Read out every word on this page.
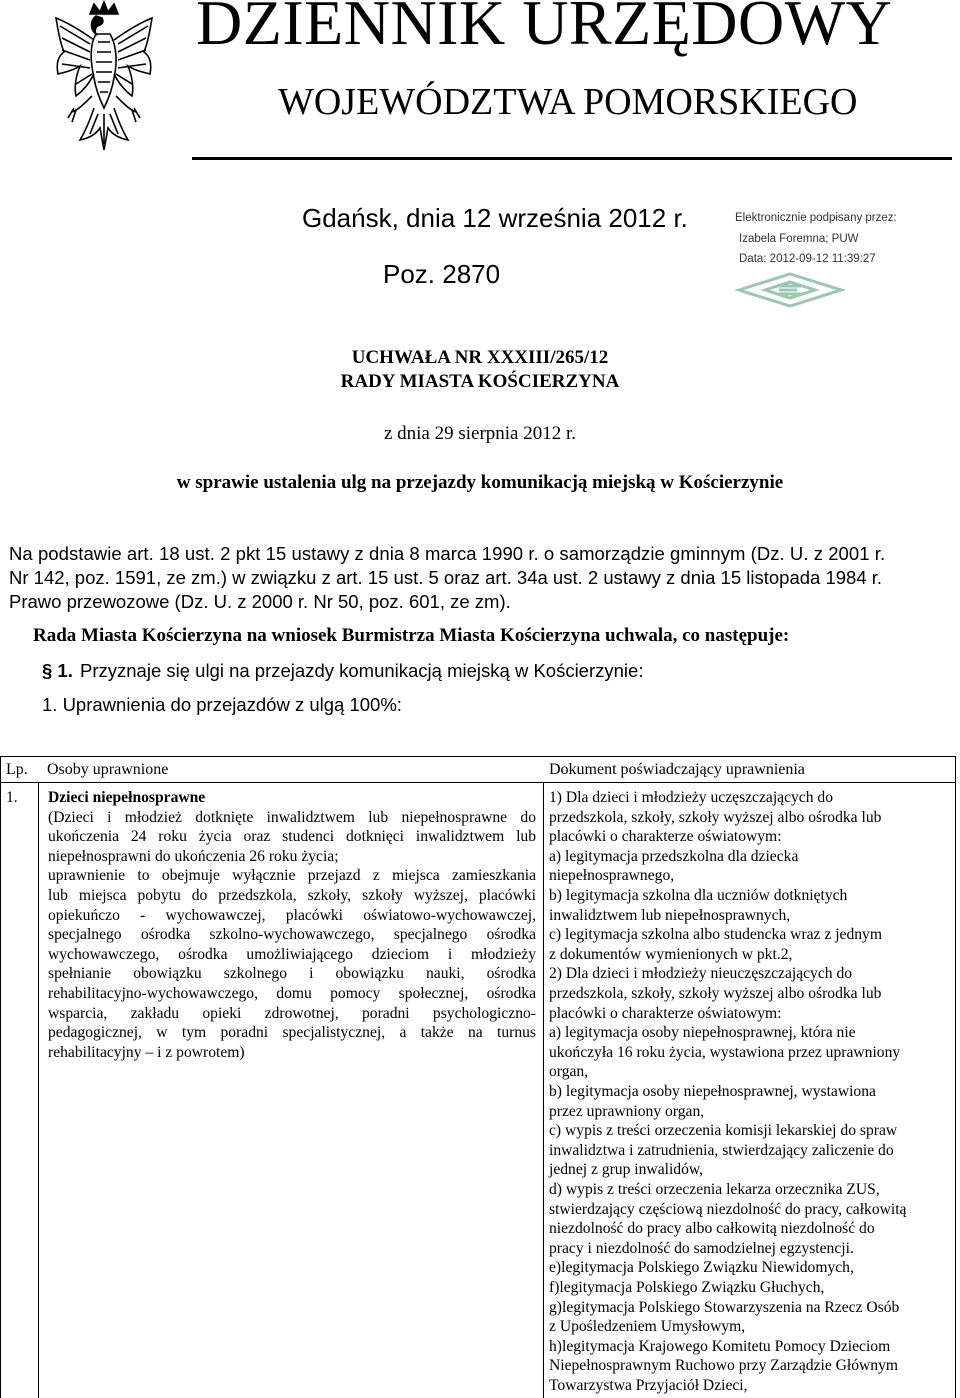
DZIENNIK URZĘDOWY
WOJEWÓDZTWA POMORSKIEGO
Gdańsk, dnia 12 września 2012 r.
Poz. 2870
Elektronicznie podpisany przez:
Izabela Foremna; PUW
Data: 2012-09-12 11:39:27
UCHWAŁA NR XXXIII/265/12
RADY MIASTA KOŚCIERZYNA
z dnia 29 sierpnia 2012 r.
w sprawie ustalenia ulg na przejazdy komunikacją miejską w Kościerzynie
Na podstawie art. 18 ust. 2 pkt 15 ustawy z dnia 8 marca 1990 r. o samorządzie gminnym (Dz. U. z 2001 r.
Nr 142, poz. 1591, ze zm.) w związku z art. 15 ust. 5 oraz art. 34a ust. 2 ustawy z dnia 15 listopada 1984 r.
Prawo przewozowe (Dz. U. z 2000 r. Nr 50, poz. 601, ze zm).
Rada Miasta Kościerzyna na wniosek Burmistrza Miasta Kościerzyna uchwala, co następuje:
§ 1. Przyznaje się ulgi na przejazdy komunikacją miejską w Kościerzynie:
1. Uprawnienia do przejazdów z ulgą 100%:
Lp. Osoby uprawnione	Dokument poświadczający uprawnienia
1. Dzieci niepełnosprawne
(Dzieci i młodzież dotknięte inwalidztwem lub niepełnosprawne do
ukończenia 24 roku życia oraz studenci dotknięci inwalidztwem lub
niepełnosprawni do ukończenia 26 roku życia;
uprawnienie to obejmuje wyłącznie przejazd z miejsca zamieszkania
lub miejsca pobytu do przedszkola, szkoły, szkoły wyższej, placówki
opiekuńczo - wychowawczej, placówki oświatowo-wychowawczej,
specjalnego ośrodka szkolno-wychowawczego, specjalnego ośrodka
wychowawczego, ośrodka umożliwiającego dzieciom i młodzieży
spełnianie obowiązku szkolnego i obowiązku nauki, ośrodka
rehabilitacyjno-wychowawczego, domu pomocy społecznej, ośrodka
wsparcia, zakładu opieki zdrowotnej, poradni psychologiczno-
pedagogicznej, w tym poradni specjalistycznej, a także na turnus
rehabilitacyjny – i z powrotem)
1) Dla dzieci i młodzieży uczęszczających do
przedszkola, szkoły, szkoły wyższej albo ośrodka lub
placówki o charakterze oświatowym:
a) legitymacja przedszkolna dla dziecka
niepełnosprawnego,
b) legitymacja szkolna dla uczniów dotkniętych
inwalidztwem lub niepełnosprawnych,
c) legitymacja szkolna albo studencka wraz z jednym
z dokumentów wymienionych w pkt.2,
2) Dla dzieci i młodzieży nieuczęszczających do
przedszkola, szkoły, szkoły wyższej albo ośrodka lub
placówki o charakterze oświatowym:
a) legitymacja osoby niepełnosprawnej, która nie
ukończyła 16 roku życia, wystawiona przez uprawniony
organ,
b) legitymacja osoby niepełnosprawnej, wystawiona
przez uprawniony organ,
c) wypis z treści orzeczenia komisji lekarskiej do spraw
inwalidztwa i zatrudnienia, stwierdzający zaliczenie do
jednej z grup inwalidów,
d) wypis z treści orzeczenia lekarza orzecznika ZUS,
stwierdzający częściową niezdolność do pracy, całkowitą
niezdolność do pracy albo całkowitą niezdolność do
pracy i niezdolność do samodzielnej egzystencji.
e)legitymacja Polskiego Związku Niewidomych,
f)legitymacja Polskiego Związku Głuchych,
g)legitymacja Polskiego Stowarzyszenia na Rzecz Osób
z Upośledzeniem Umysłowym,
h)legitymacja Krajowego Komitetu Pomocy Dzieciom
Niepełnosprawnym Ruchowo przy Zarządzie Głównym
Towarzystwa Przyjaciół Dzieci,
